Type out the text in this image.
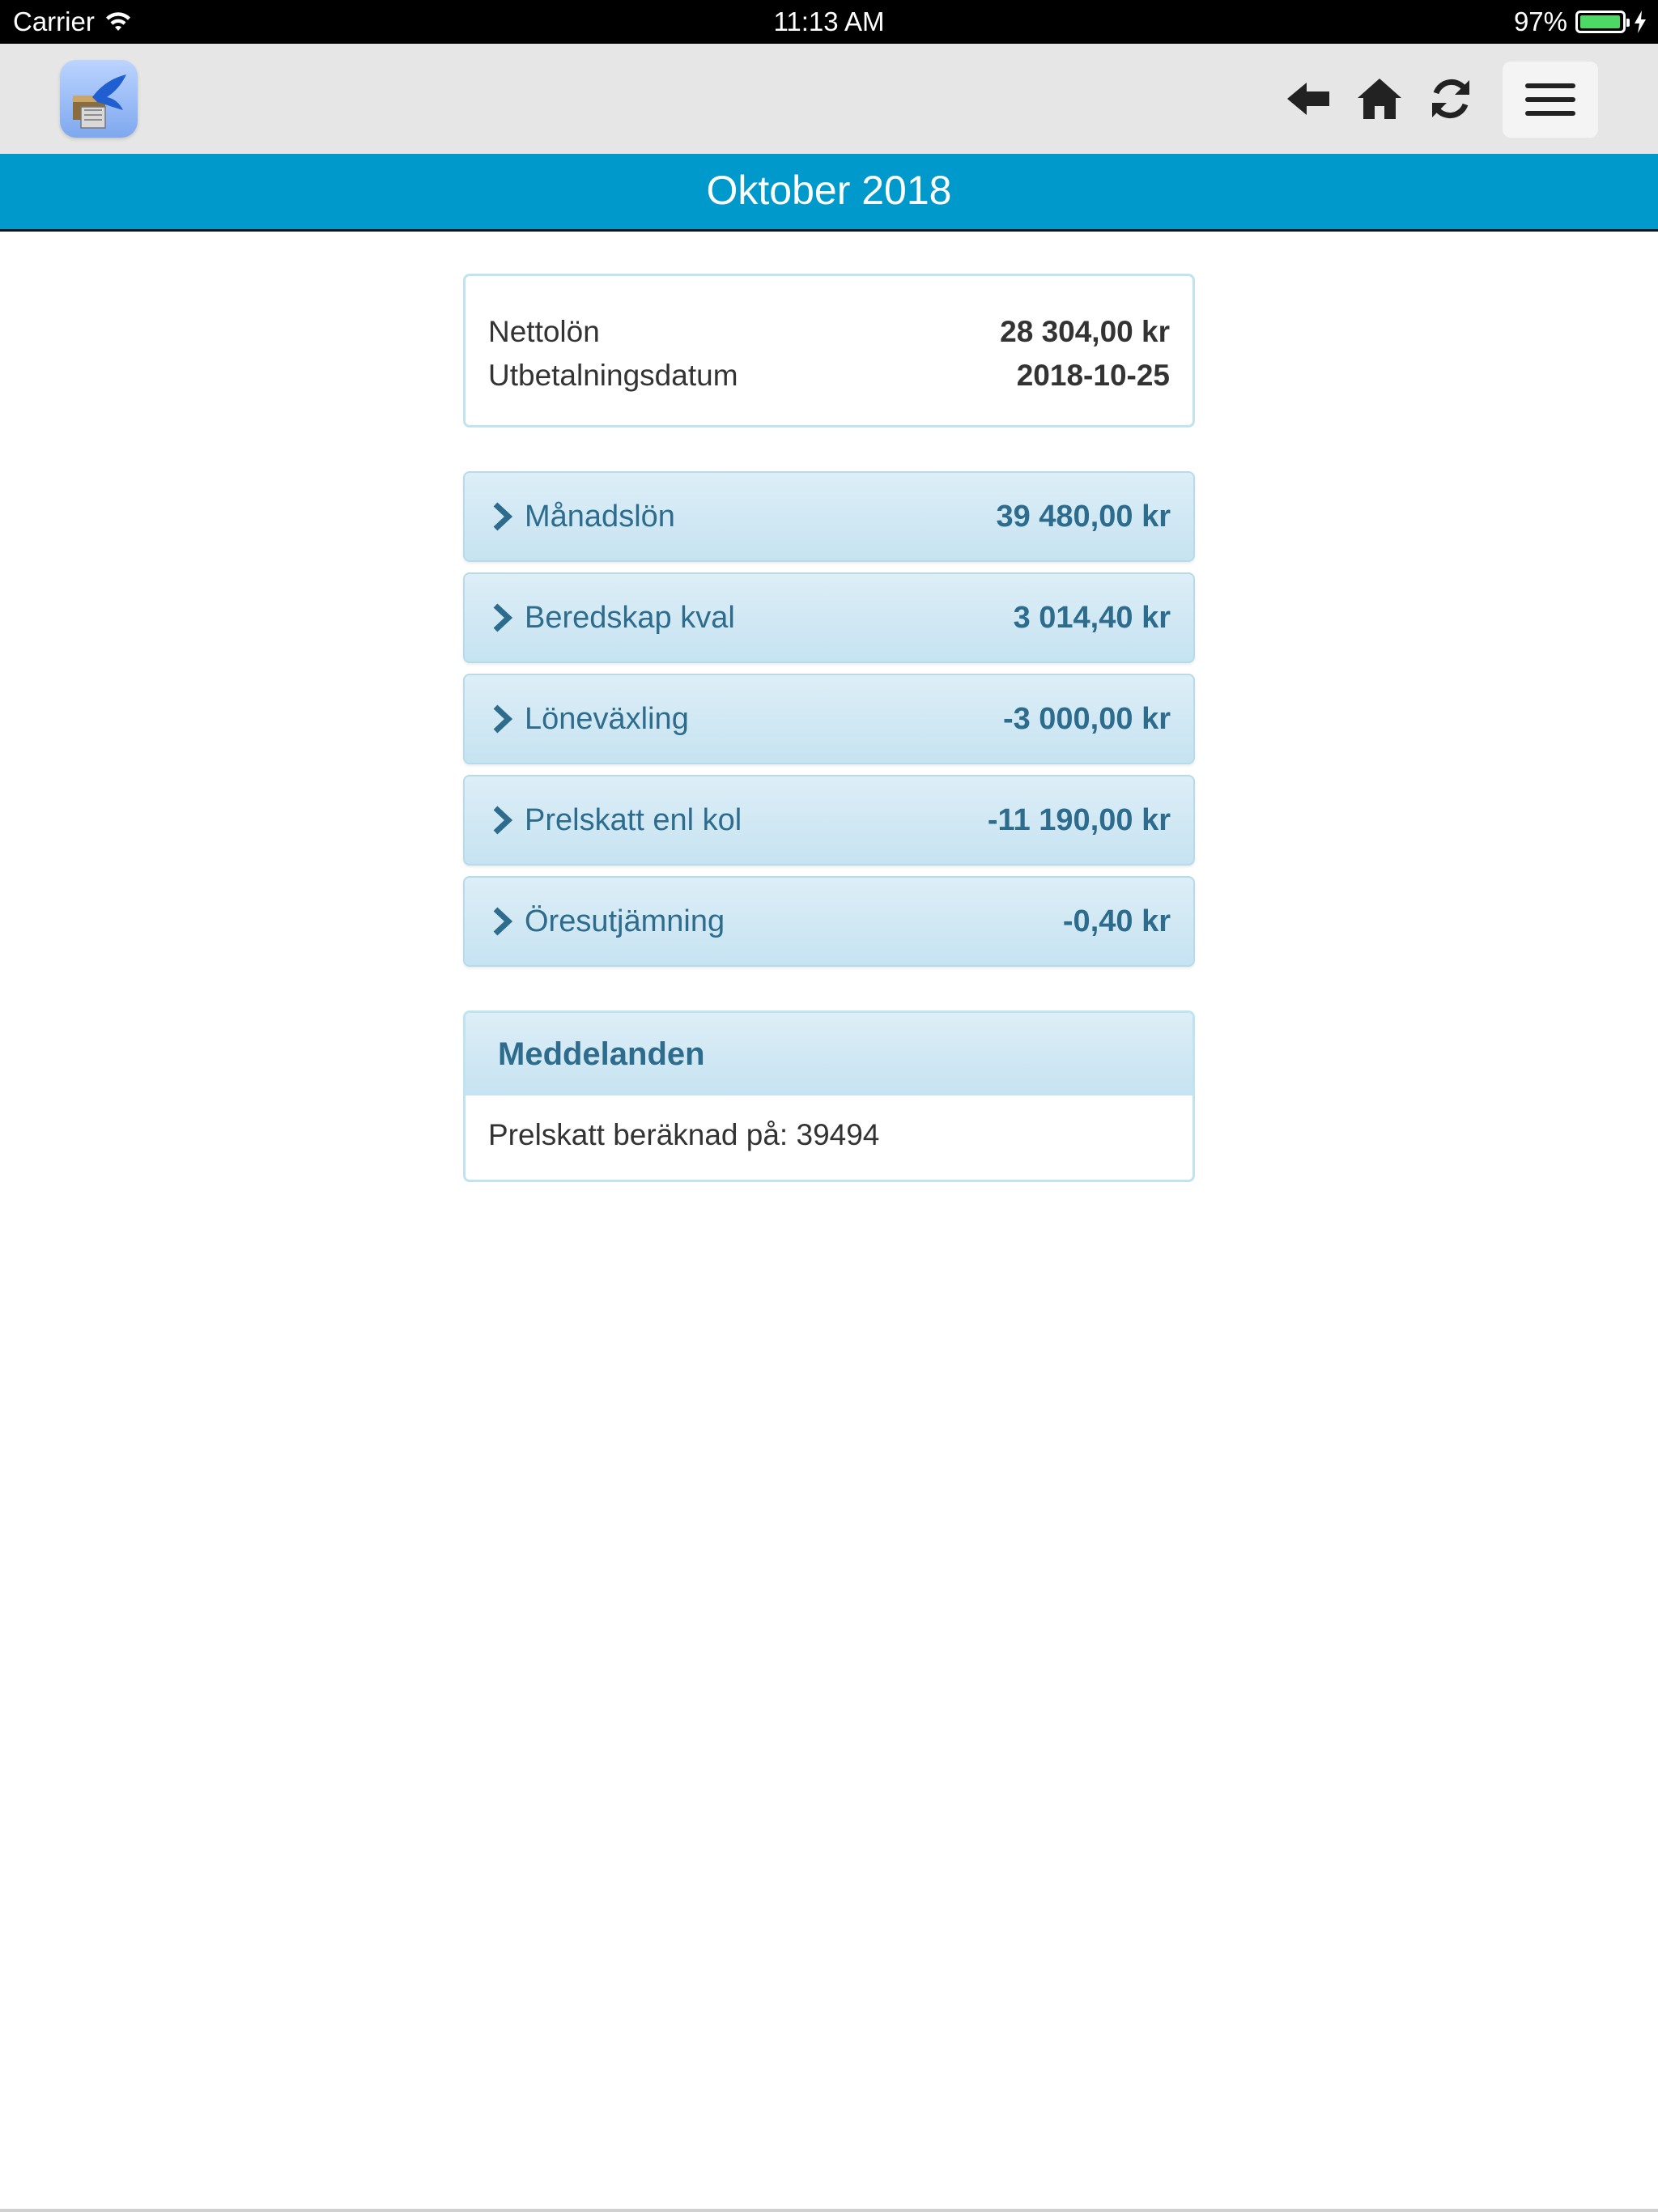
Carrier	11:13 AM	97%
Oktober 2018
Nettolön	28 304,00 kr
Utbetalningsdatum	2018-10-25
Månadslön	39 480,00 kr
Beredskap kval	3 014,40 kr
Löneväxling	-3 000,00 kr
Prelskatt enl kol	-11 190,00 kr
Öresutjämning	-0,40 kr
Meddelanden
Prelskatt beräknad på: 39494
